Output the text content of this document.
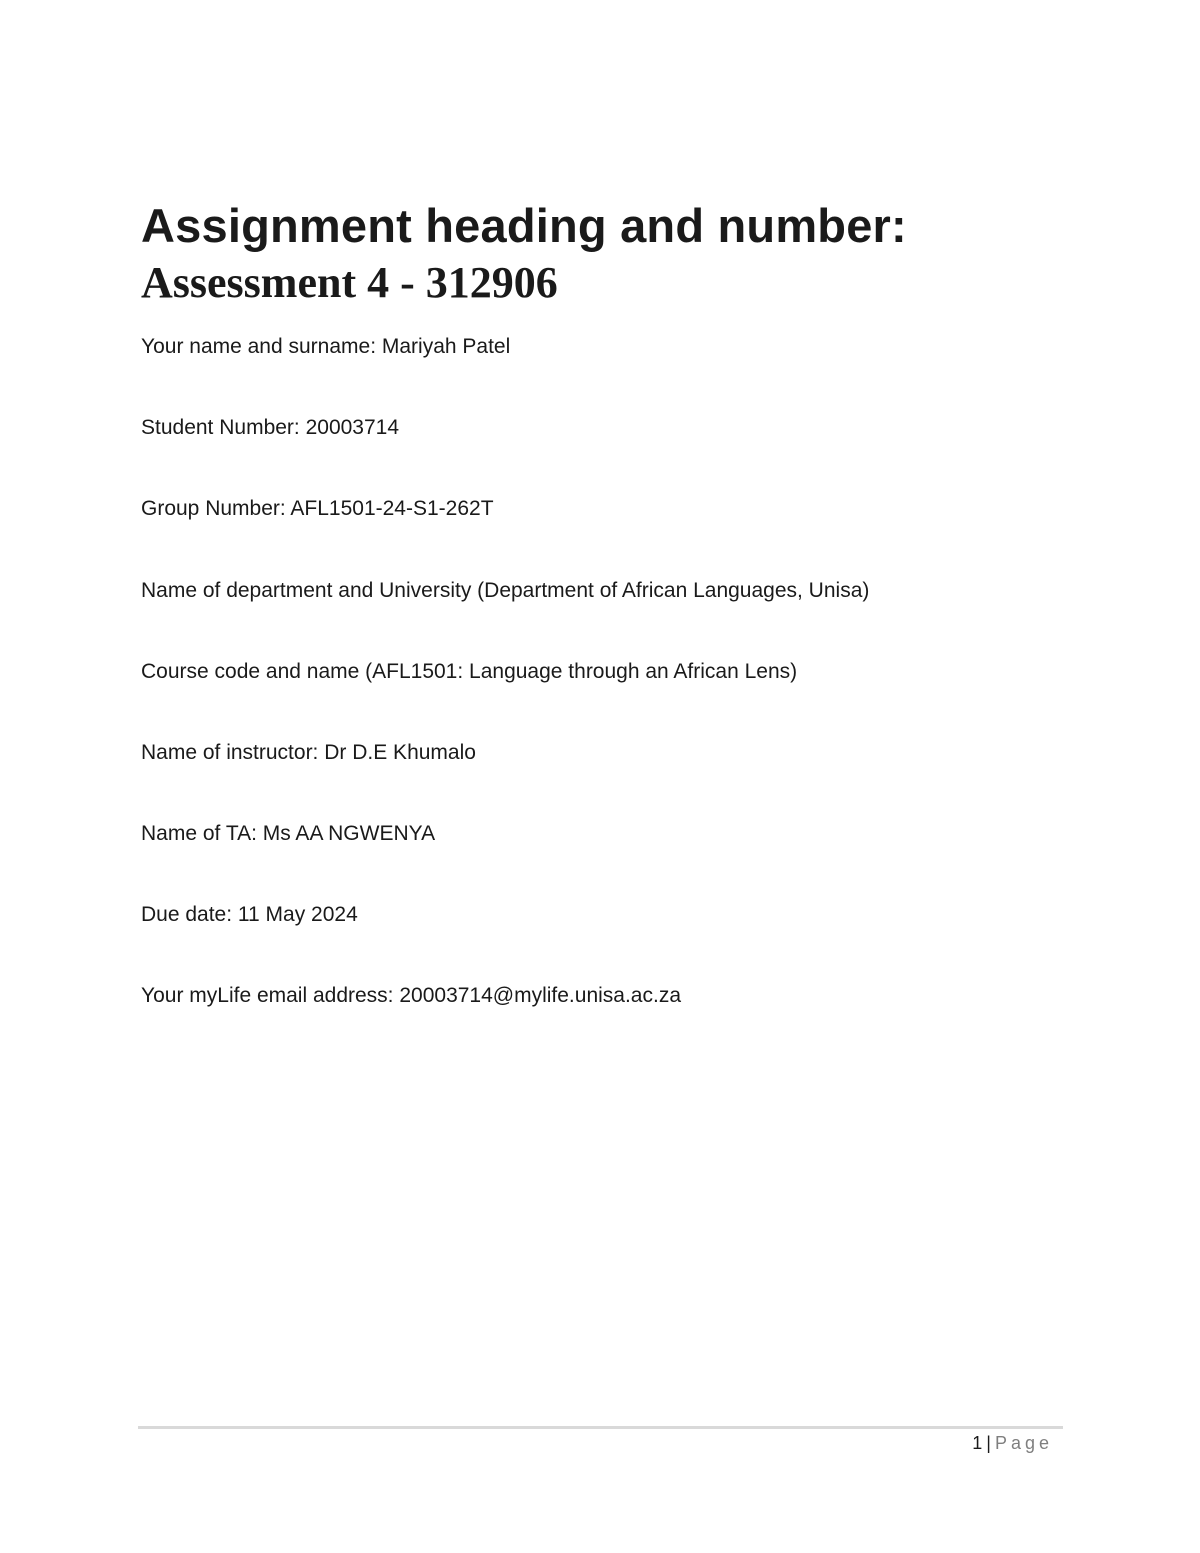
Assignment heading and number:
Assessment 4 - 312906
Your name and surname: Mariyah Patel
Student Number: 20003714
Group Number: AFL1501-24-S1-262T
Name of department and University (Department of African Languages, Unisa)
Course code and name (AFL1501: Language through an African Lens)
Name of instructor: Dr D.E Khumalo
Name of TA: Ms AA NGWENYA
Due date: 11 May 2024
Your myLife email address: 20003714@mylife.unisa.ac.za
1 | Page
